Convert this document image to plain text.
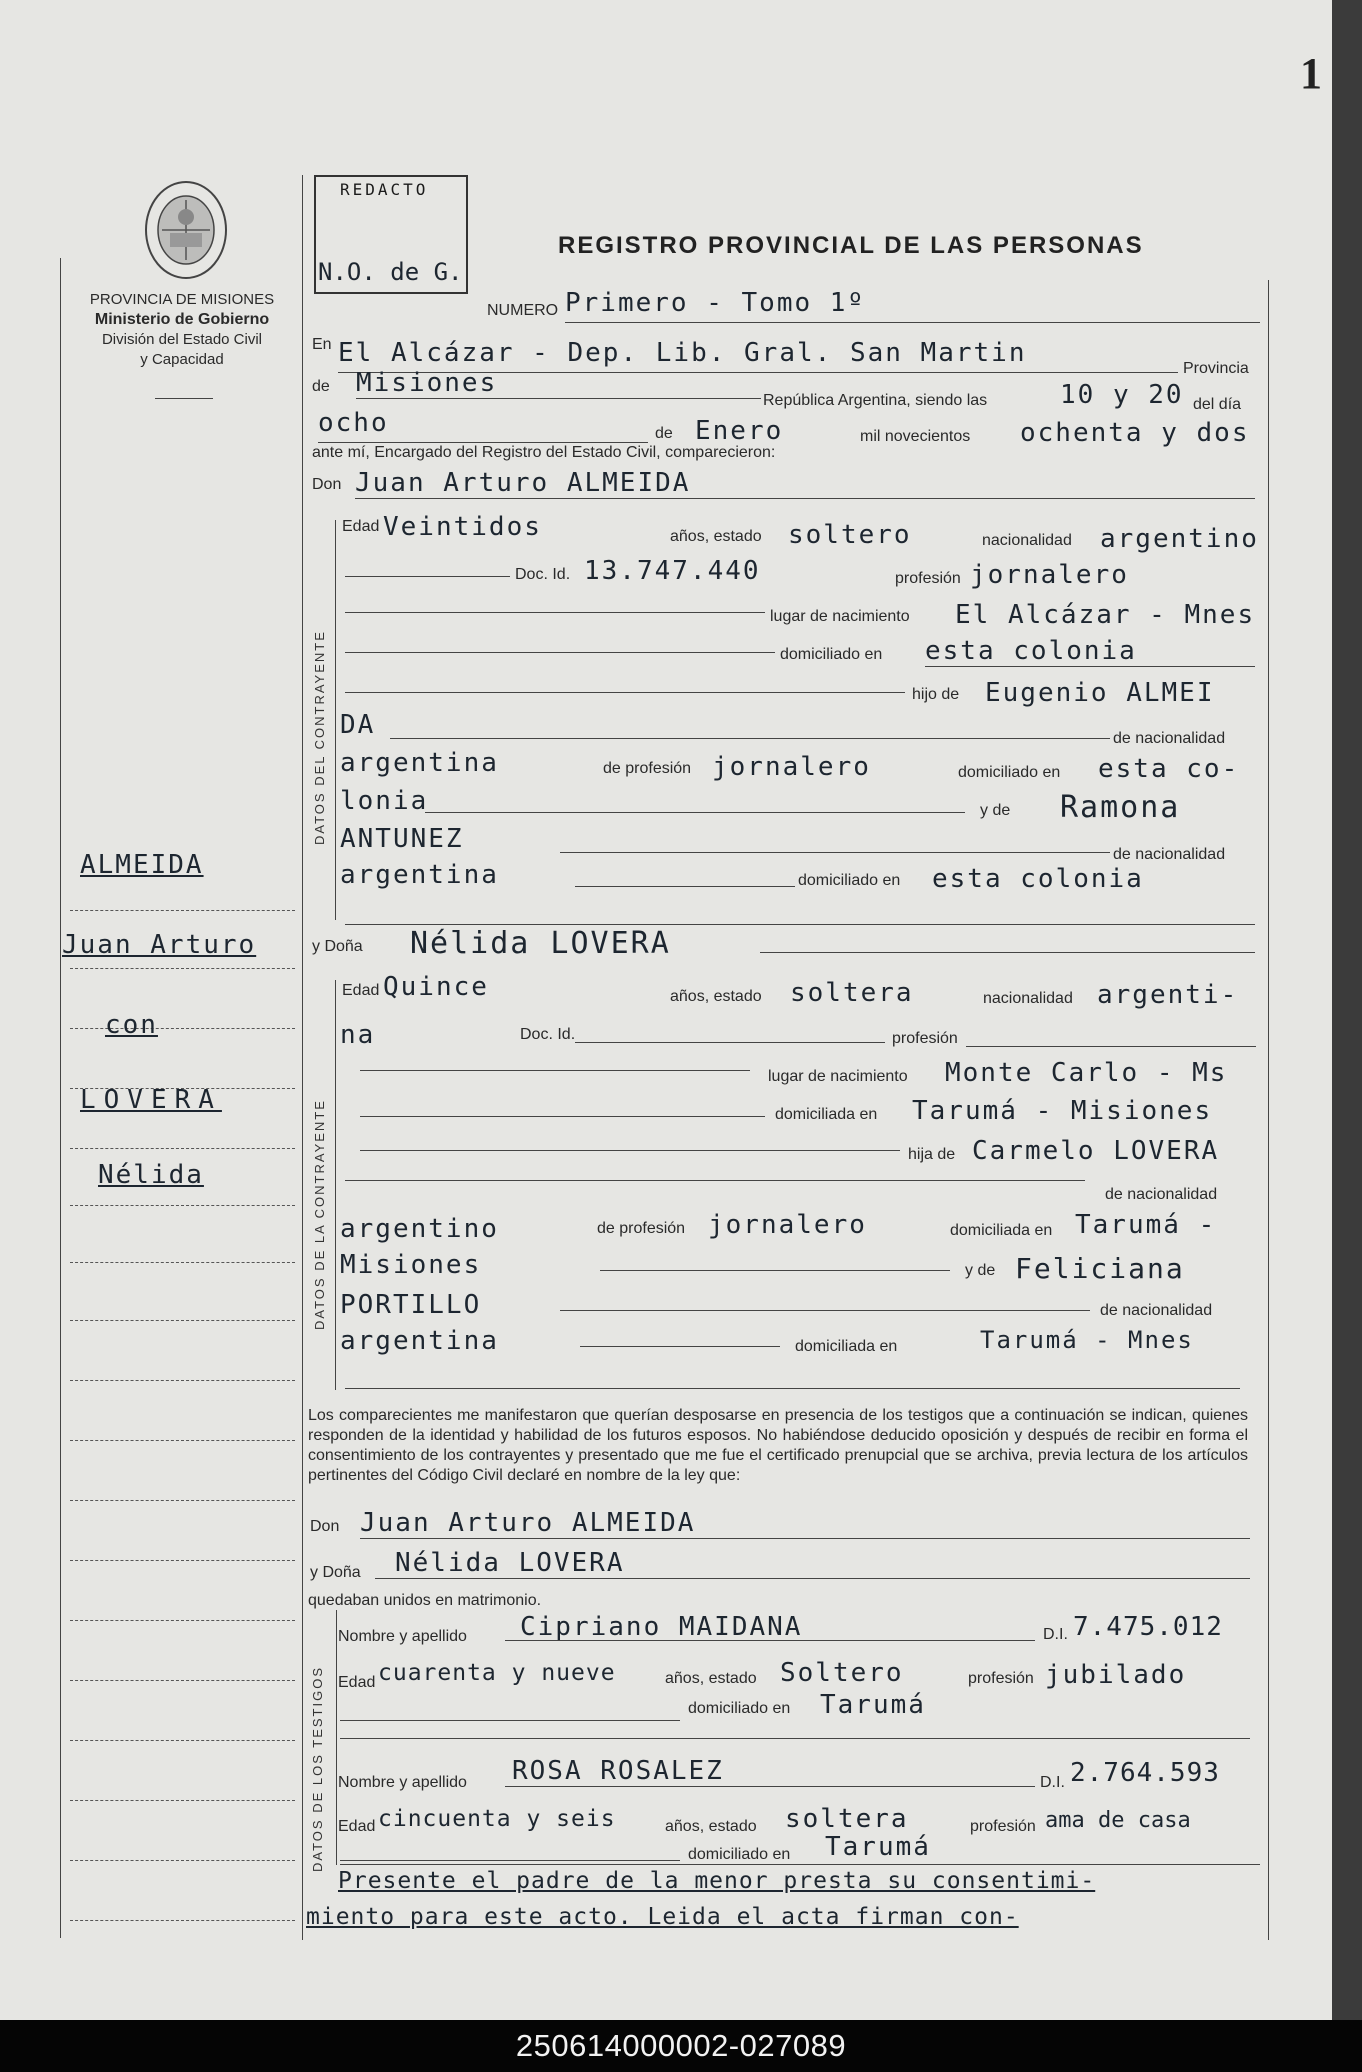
1
PROVINCIA DE MISIONES
Ministerio de Gobierno
División del Estado Civil
y Capacidad
ALMEIDA
Juan Arturo
con
LOVERA
Nélida
REDACTO
N.O. de G.
REGISTRO PROVINCIAL DE LAS PERSONAS
NUMERO Primero - Tomo 1º
En El Alcázar - Dep. Lib. Gral. San Martin
Provincia
de Misiones
República Argentina, siendo las	10 y 20 del día
ocho	de Enero	mil novecientos ochenta y dos
ante mí, Encargado del Registro del Estado Civil, comparecieron:
Don Juan Arturo ALMEIDA
DATOS DEL CONTRAYENTE
Edad Veintidos	años, estado soltero	nacionalidad argentino
Doc. Id. 13.747.440	profesión jornalero
lugar de nacimiento El Alcázar - Mnes
domiciliado en esta colonia
hijo de Eugenio ALMEI
DA	de nacionalidad
argentina	de profesión jornalero	domiciliado en esta co-
lonia	y de Ramona
ANTUNEZ
de nacionalidad
argentina	domiciliado en esta colonia
y Doña Nélida LOVERA
DATOS DE LA CONTRAYENTE
Edad Quince	años, estado soltera	nacionalidad argenti-
na	Doc. Id.	profesión
lugar de nacimiento Monte Carlo - Ms
domiciliada en Tarumá - Misiones
hija de Carmelo LOVERA
de nacionalidad
argentino	de profesión jornalero	domiciliada en Tarumá -
Misiones	y de Feliciana
PORTILLO	de nacionalidad
argentina	domiciliada en	Tarumá - Mnes
Los comparecientes me manifestaron que querían desposarse en presencia de los testigos que a continuación se indican, quienes responden de la identidad y habilidad de los futuros esposos. No habiéndose deducido oposición y después de recibir en forma el consentimiento de los contrayentes y presentado que me fue el certificado prenupcial que se archiva, previa lectura de los artículos pertinentes del Código Civil declaré en nombre de la ley que:
Don Juan Arturo ALMEIDA
y Doña Nélida LOVERA
quedaban unidos en matrimonio.
DATOS DE LOS TESTIGOS
Nombre y apellido Cipriano MAIDANA	D.I. 7.475.012
Edad cuarenta y nueve	años, estado Soltero	profesión jubilado
domiciliado en Tarumá
Nombre y apellido ROSA ROSALEZ	D.I. 2.764.593
Edad cincuenta y seis	años, estado soltera	profesión ama de casa
domiciliado en Tarumá
Presente el padre de la menor presta su consentimi-
miento para este acto. Leida el acta firman con-
250614000002-027089
